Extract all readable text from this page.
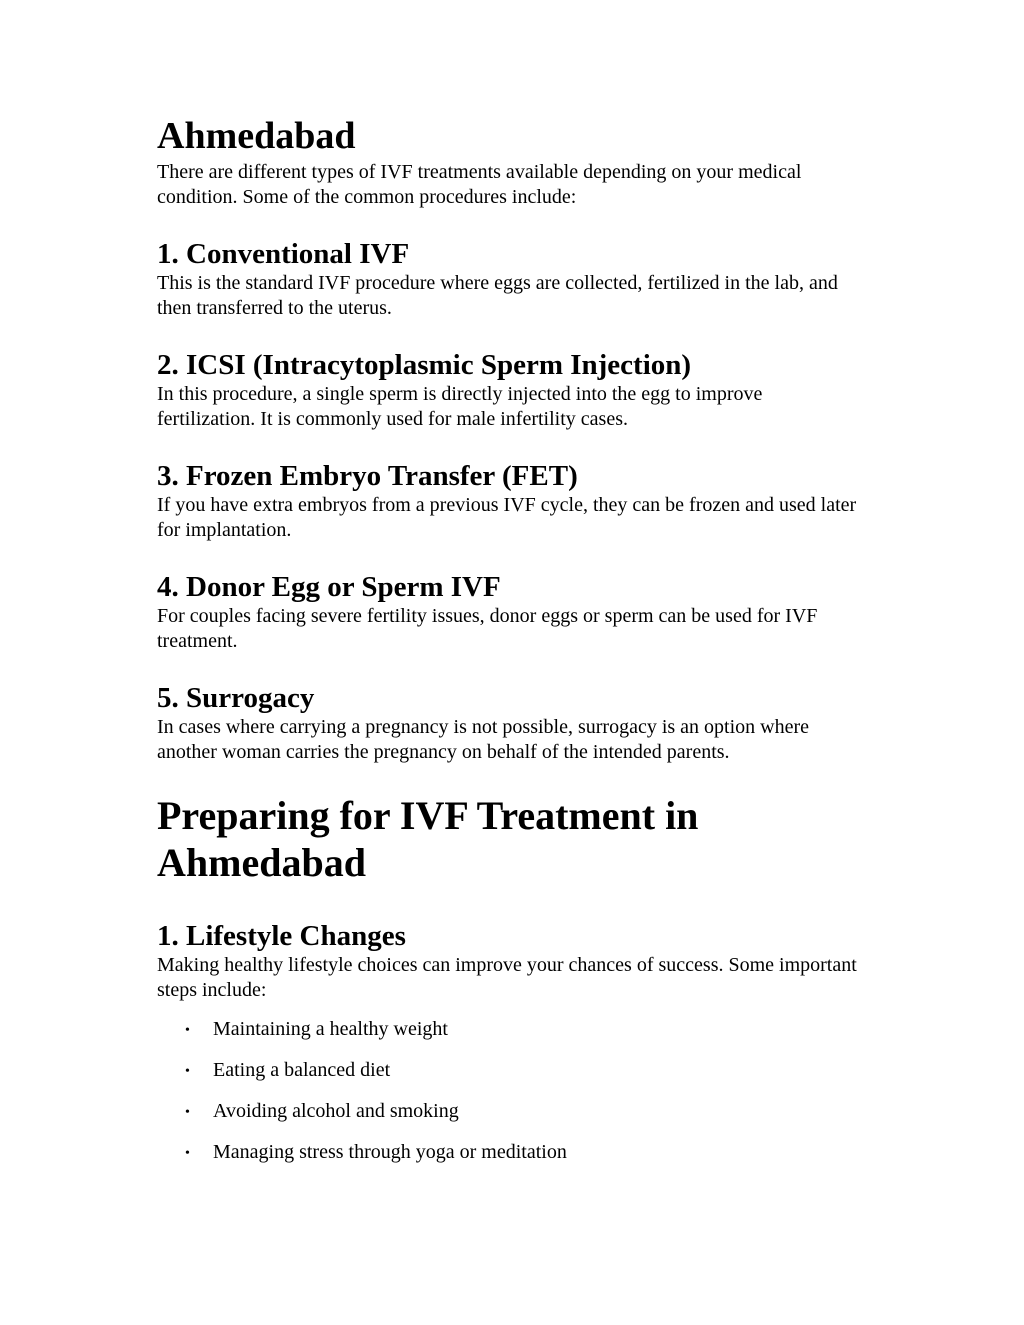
Ahmedabad

There are different types of IVF treatments available depending on your medical condition. Some of the common procedures include:

1. Conventional IVF

This is the standard IVF procedure where eggs are collected, fertilized in the lab, and then transferred to the uterus.

2. ICSI (Intracytoplasmic Sperm Injection)

In this procedure, a single sperm is directly injected into the egg to improve fertilization. It is commonly used for male infertility cases.

3. Frozen Embryo Transfer (FET)

If you have extra embryos from a previous IVF cycle, they can be frozen and used later for implantation.

4. Donor Egg or Sperm IVF

For couples facing severe fertility issues, donor eggs or sperm can be used for IVF treatment.

5. Surrogacy

In cases where carrying a pregnancy is not possible, surrogacy is an option where another woman carries the pregnancy on behalf of the intended parents.

Preparing for IVF Treatment in Ahmedabad
1. Lifestyle Changes

Making healthy lifestyle choices can improve your chances of success. Some important steps include:

• Maintaining a healthy weight
• Eating a balanced diet
• Avoiding alcohol and smoking
• Managing stress through yoga or meditation
